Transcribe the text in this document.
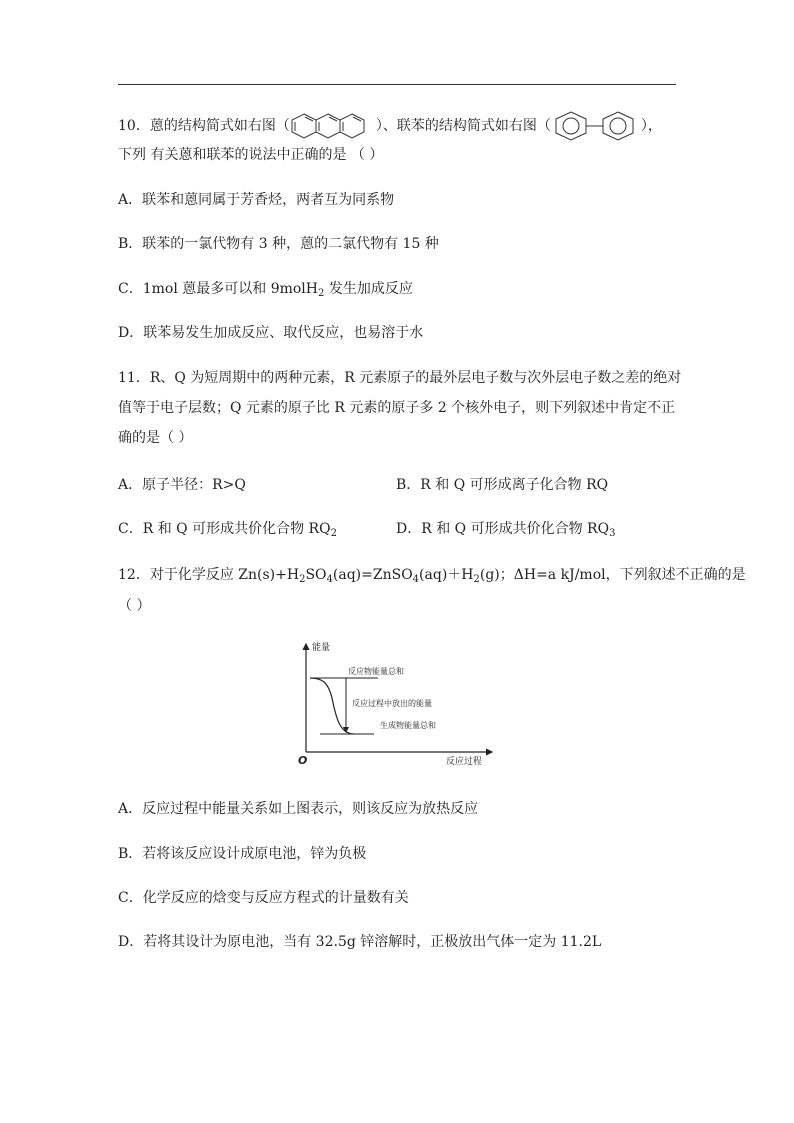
10．蒽的结构简式如右图（	）、联苯的结构简式如右图（	），
下列 有关蒽和联苯的说法中正确的是 （ ）
A．联苯和蒽同属于芳香烃，两者互为同系物
B．联苯的一氯代物有 3 种，蒽的二氯代物有 15 种
C．1mol 蒽最多可以和 9molH$_2$ 发生加成反应
D．联苯易发生加成反应、取代反应，也易溶于水
11．R、Q 为短周期中的两种元素，R 元素原子的最外层电子数与次外层电子数之差的绝对
值等于电子层数；Q 元素的原子比 R 元素的原子多 2 个核外电子，则下列叙述中肯定不正
确的是（ ）
A．原子半径：R>Q	B．R 和 Q 可形成离子化合物 RQ
C．R 和 Q 可形成共价化合物 $RQ_2$	D．R 和 Q 可形成共价化合物 $RQ_3$
12．对于化学反应 $Zn(s)+H_2SO_4(aq)=ZnSO_4(aq)+H_2(g)$；ΔH=a kJ/mol，下列叙述不正确的是
（ ）
能量
反应过程
O
反应物能量总和
反应过程中放出的能量
生成物能量总和
A．反应过程中能量关系如上图表示，则该反应为放热反应
B．若将该反应设计成原电池，锌为负极
C．化学反应的焓变与反应方程式的计量数有关
D．若将其设计为原电池，当有 32.5g 锌溶解时，正极放出气体一定为 11.2L
